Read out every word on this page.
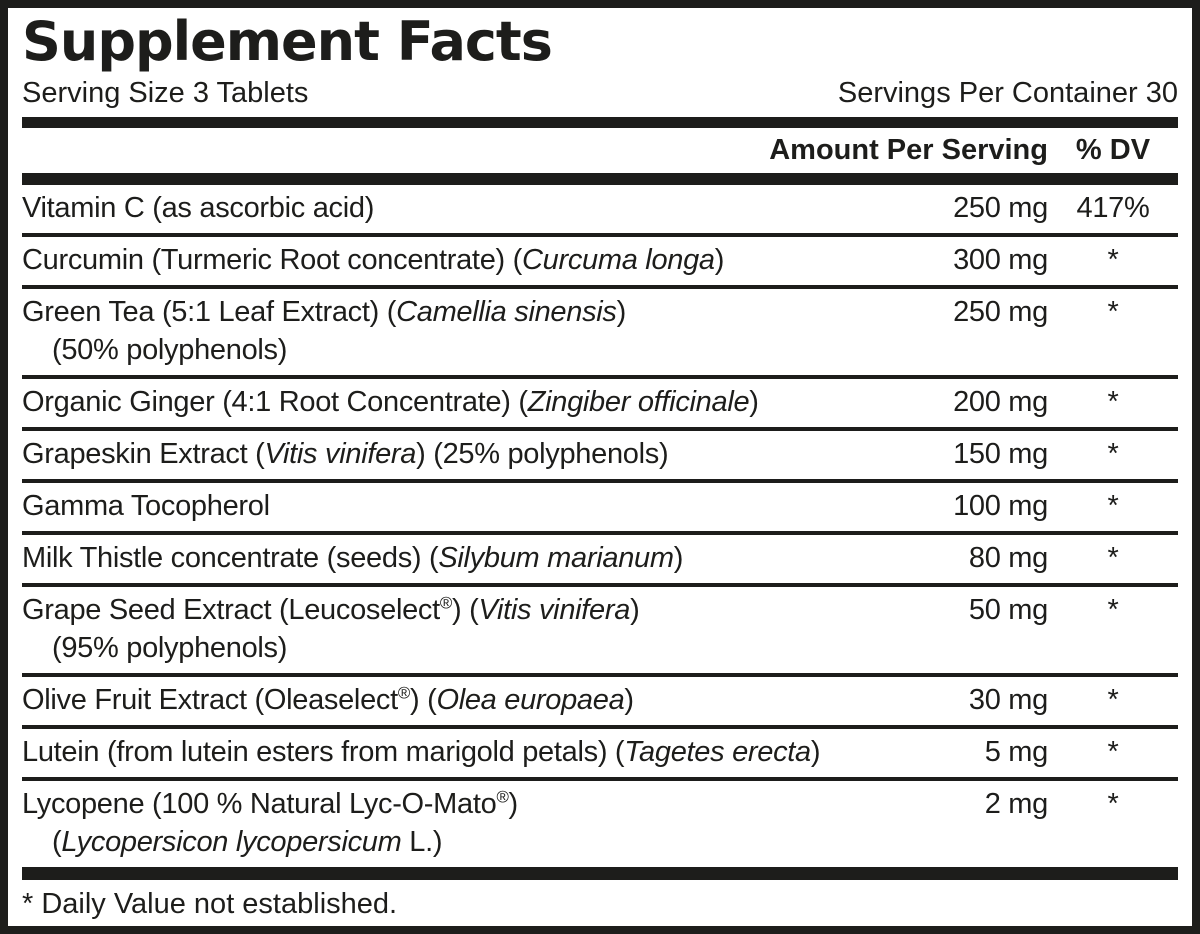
Supplement Facts
Serving Size 3 Tablets	Servings Per Container 30
Amount Per Serving % DV
Vitamin C (as ascorbic acid)	250 mg 417%
Curcumin (Turmeric Root concentrate) (Curcuma longa)	300 mg	*
Green Tea (5:1 Leaf Extract) (Camellia sinensis)
(50% polyphenols)
250 mg	*
Organic Ginger (4:1 Root Concentrate) (Zingiber officinale)	200 mg	*
Grapeskin Extract (Vitis vinifera) (25% polyphenols)	150 mg	*
Gamma Tocopherol	100 mg	*
Milk Thistle concentrate (seeds) (Silybum marianum)	80 mg	*
Grape Seed Extract (Leucoselect®) (Vitis vinifera)
(95% polyphenols)
50 mg	*
Olive Fruit Extract (Oleaselect®) (Olea europaea)	30 mg	*
Lutein (from lutein esters from marigold petals) (Tagetes erecta)	5 mg	*
Lycopene (100 % Natural Lyc-O-Mato®)
(Lycopersicon lycopersicum L.)
2 mg	*
* Daily Value not established.
